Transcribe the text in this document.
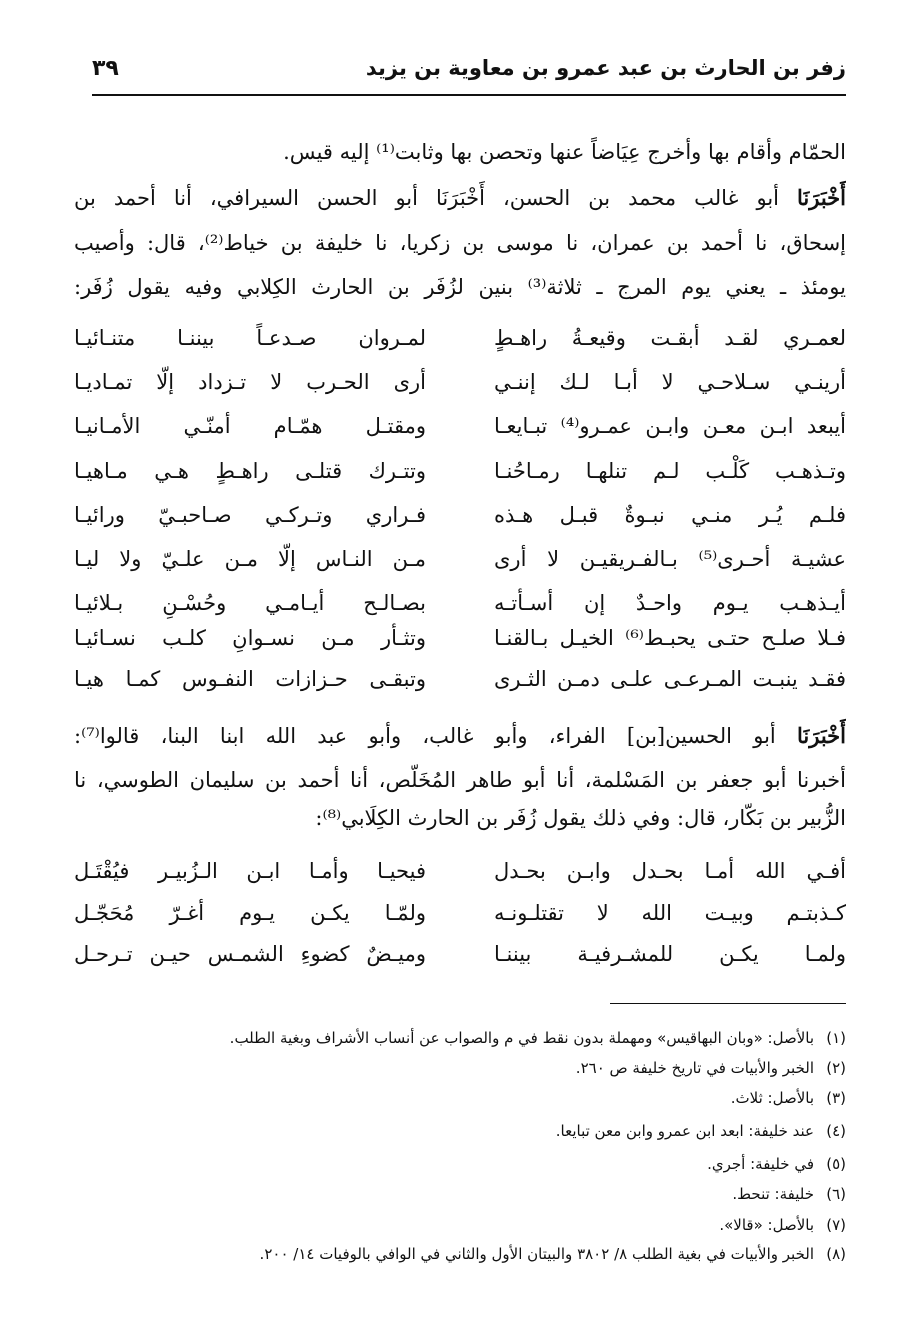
زفر بن الحارث بن عبد عمرو بن معاوية بن يزيد
٣٩
الحمّام وأقام بها وأخرج عِيَاضاً عنها وتحصن بها وثابت⁽¹⁾ إليه قيس.
أَخْبَرَنَا أبو غالب محمد بن الحسن، أَخْبَرَنَا أبو الحسن السيرافي، أنا أحمد بن
إسحاق، نا أحمد بن عمران، نا موسى بن زكريا، نا خليفة بن خياط⁽²⁾، قال: وأصيب
يومئذ ـ يعني يوم المرج ـ ثلاثة⁽³⁾ بنين لزُفَر بن الحارث الكِلابي وفيه يقول زُفَر:
لعمـري لقـد أبقـت وقيعـةُ راهـطٍ
لمـروان صـدعـاً بيننـا متنـائيـا
أرينـي سـلاحـي لا أبـا لـك إننـي
أرى الحـرب لا تـزداد إلّا تمـاديـا
أيبعد ابـن معـن وابـن عمـرو⁽⁴⁾ تبـايعـا
ومقتـل همّـام أمنّـي الأمـانيـا
وتـذهـب كَلْـب لـم تنلهـا رمـاحُنـا
وتتـرك قتلـى راهـطٍ هـي مـاهيـا
فلـم يُـر منـي نبـوةٌ قبـل هـذه
فـراري وتـركـي صـاحبـيّ ورائيـا
عشيـة أحـرى⁽⁵⁾ بـالفـريقيـن لا أرى
مـن النـاس إلّا مـن علـيّ ولا ليـا
أيـذهـب يـوم واحـدٌ إن أسـأتـه
بصـالـح أيـامـي وحُسْـنِ بـلائيـا
فـلا صلـح حتـى يحبـط⁽⁶⁾ الخيـل بـالقنـا
وتثـأر مـن نسـوانِ كلـب نسـائيـا
فقـد ينبـت المـرعـى علـى دمـن الثـرى
وتبقـى حـزازات النفـوس كمـا هيـا
أَخْبَرَنَا أبو الحسين[بن] الفراء، وأبو غالب، وأبو عبد الله ابنا البنا، قالوا⁽⁷⁾:
أخبرنا أبو جعفر بن المَسْلمة، أنا أبو طاهر المُخَلّص، أنا أحمد بن سليمان الطوسي، نا
الزُّبير بن بَكّار، قال: وفي ذلك يقول زُفَر بن الحارث الكِلَابي⁽⁸⁾:
أفـي الله أمـا بحـدل وابـن بحـدل
فيحيـا وأمـا ابـن الـزُبيـر فيُقْتَـل
كـذبتـم وبيـت الله لا تقتلـونـه
ولمّـا يكـن يـوم أغـرّ مُحَجّـل
ولمـا يكـن للمشـرفيـة بيننـا
وميـضٌ كضوءِ الشمـس حيـن تـرحـل
(١)بالأصل: «وبان البهاقيس» ومهملة بدون نقط في م والصواب عن أنساب الأشراف وبغية الطلب.
(٢)الخبر والأبيات في تاريخ خليفة ص ٢٦٠.
(٣)بالأصل: ثلاث.
(٤)عند خليفة: ابعد ابن عمرو وابن معن تبايعا.
(٥)في خليفة: أجري.
(٦)خليفة: تنحط.
(٧)بالأصل: «قالا».
(٨)الخبر والأبيات في بغية الطلب ٨/ ٣٨٠٢ والبيتان الأول والثاني في الوافي بالوفيات ١٤/ ٢٠٠.
